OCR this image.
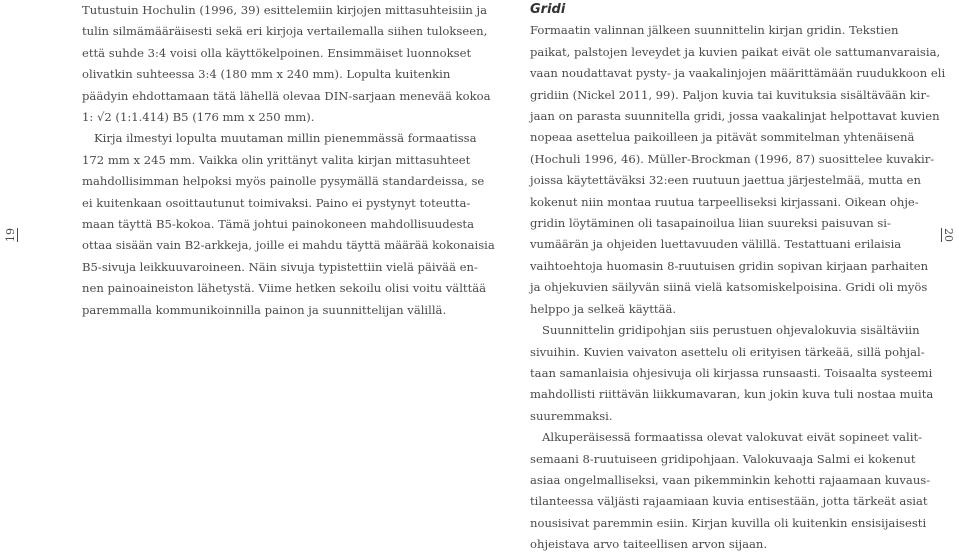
Tutustuin Hochulin (1996, 39) esittelemiin kirjojen mittasuhteisiin ja
tulin silmämääräisesti sekä eri kirjoja vertailemalla siihen tulokseen,
että suhde 3:4 voisi olla käyttökelpoinen. Ensimmäiset luonnokset
olivatkin suhteessa 3:4 (180 mm x 240 mm). Lopulta kuitenkin
päädyin ehdottamaan tätä lähellä olevaa DIN-sarjaan menevää kokoa
1: √2 (1:1.414) B5 (176 mm x 250 mm).

Kirja ilmestyi lopulta muutaman millin pienemmässä formaatissa
172 mm x 245 mm. Vaikka olin yrittänyt valita kirjan mittasuhteet
mahdollisimman helpoksi myös painolle pysymällä standardeissa, se
ei kuitenkaan osoittautunut toimivaksi. Paino ei pystynyt toteutta-
maan täyttä B5-kokoa. Tämä johtui painokoneen mahdollisuudesta
ottaa sisään vain B2-arkkeja, joille ei mahdu täyttä määrää kokonaisia
B5-sivuja leikkuuvaroineen. Näin sivuja typistettiin vielä päivää en-
nen painoaineiston lähetystä. Viime hetken sekoilu olisi voitu välttää
paremmalla kommunikoinnilla painon ja suunnittelijan välillä.

19
Gridi

Formaatin valinnan jälkeen suunnittelin kirjan gridin. Tekstien
paikat, palstojen leveydet ja kuvien paikat eivät ole sattumanvaraisia,
vaan noudattavat pysty- ja vaakalinjojen määrittämään ruudukkoon eli
gridiin (Nickel 2011, 99). Paljon kuvia tai kuvituksia sisältävään kir-
jaan on parasta suunnitella gridi, jossa vaakalinjat helpottavat kuvien
nopeaa asettelua paikoilleen ja pitävät sommitelman yhtenäisenä
(Hochuli 1996, 46). Müller-Brockman (1996, 87) suosittelee kuvakir-
joissa käytettäväksi 32:een ruutuun jaettua järjestelmää, mutta en
kokenut niin montaa ruutua tarpeelliseksi kirjassani. Oikean ohje-
gridin löytäminen oli tasapainoilua liian suureksi paisuvan si-
vumäärän ja ohjeiden luettavuuden välillä. Testattuani erilaisia
vaihtoehtoja huomasin 8-ruutuisen gridin sopivan kirjaan parhaiten
ja ohjekuvien säilyvän siinä vielä katsomiskelpoisina. Gridi oli myös
helppo ja selkeä käyttää.

Suunnittelin gridipohjan siis perustuen ohjevalokuvia sisältäviin
sivuihin. Kuvien vaivaton asettelu oli erityisen tärkeää, sillä pohjal-
taan samanlaisia ohjesivuja oli kirjassa runsaasti. Toisaalta systeemi
mahdollisti riittävän liikkumavaran, kun jokin kuva tuli nostaa muita
suuremmaksi.

Alkuperäisessä formaatissa olevat valokuvat eivät sopineet valit-
semaani 8-ruutuiseen gridipohjaan. Valokuvaaja Salmi ei kokenut
asiaa ongelmalliseksi, vaan pikemminkin kehotti rajaamaan kuvaus-
tilanteessa väljästi rajaamiaan kuvia entisestään, jotta tärkeät asiat
nousisivat paremmin esiin. Kirjan kuvilla oli kuitenkin ensisijaisesti
ohjeistava arvo taiteellisen arvon sijaan.

20
